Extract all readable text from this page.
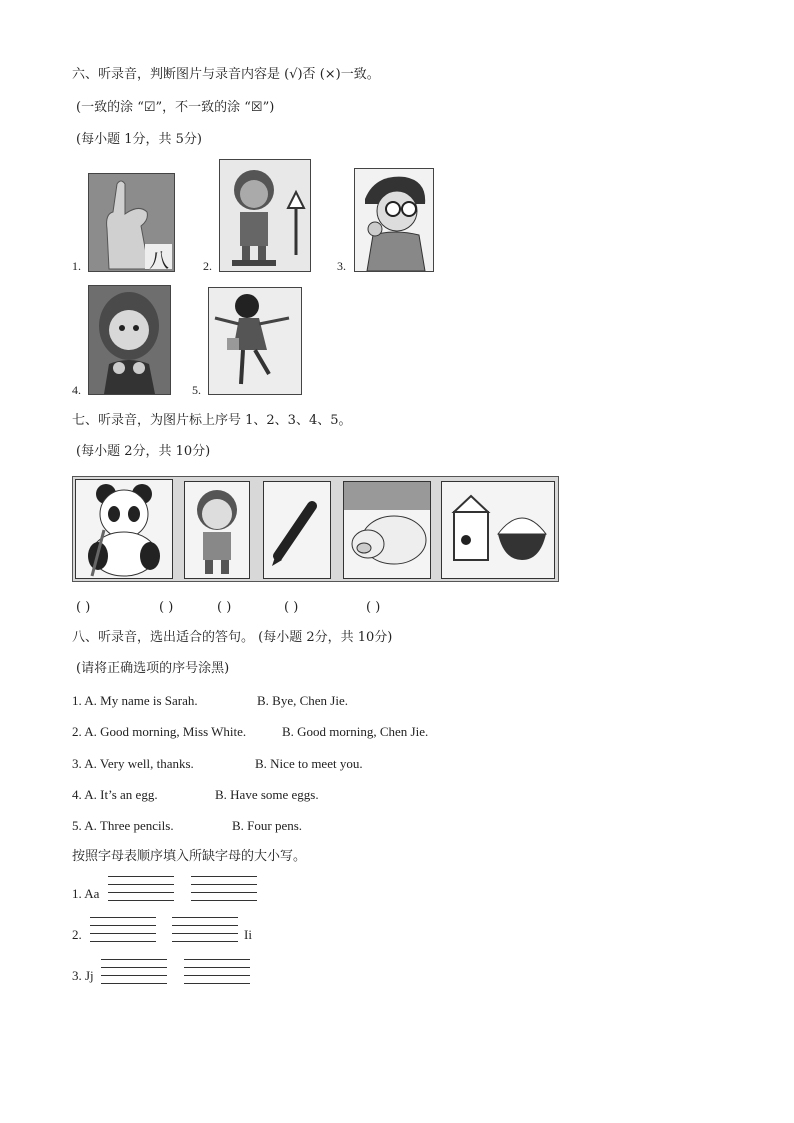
六、听录音，判断图片与录音内容是 (√)否 (×)一致。
(一致的涂 “☑”，不一致的涂 “☒”)
(每小题 1分，共 5分)
1.	八	2.	3.
4.	5.
七、听录音，为图片标上序号 1、2、3、4、5。
(每小题 2分，共 10分)
( )	( )	( )	( )	( )
八、听录音，选出适合的答句。 (每小题 2分，共 10分)
(请将正确选项的序号涂黑)
1. A. My name is Sarah.	B. Bye, Chen Jie.
2. A. Good morning, Miss White.	B. Good morning, Chen Jie.
3. A. Very well, thanks.	B. Nice to meet you.
4. A. It’s an egg.	B. Have some eggs.
5. A. Three pencils.	B. Four pens.
按照字母表顺序填入所缺字母的大小写。
1. Aa
2.	Ii
3. Jj
